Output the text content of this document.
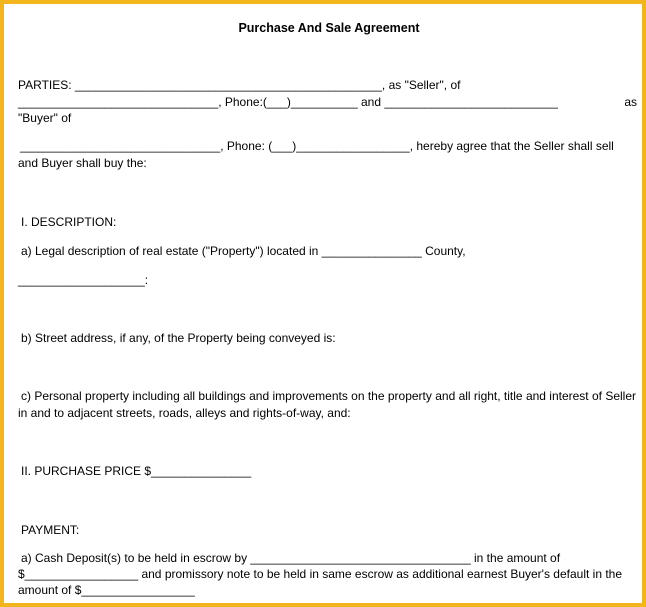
Purchase And Sale Agreement
PARTIES: ______________________________________________, as "Seller", of
______________________________, Phone:(___)__________ and __________________________	as
"Buyer" of
______________________________, Phone: (___)_________________, hereby agree that the Seller shall sell
and Buyer shall buy the:
I. DESCRIPTION:
a) Legal description of real estate ("Property") located in _______________ County,
___________________:
b) Street address, if any, of the Property being conveyed is:
c) Personal property including all buildings and improvements on the property and all right, title and interest of Seller
in and to adjacent streets, roads, alleys and rights-of-way, and:
II. PURCHASE PRICE $_______________
PAYMENT:
a) Cash Deposit(s) to be held in escrow by _________________________________ in the amount of
$_________________ and promissory note to be held in same escrow as additional earnest Buyer's default in the
amount of $_________________
